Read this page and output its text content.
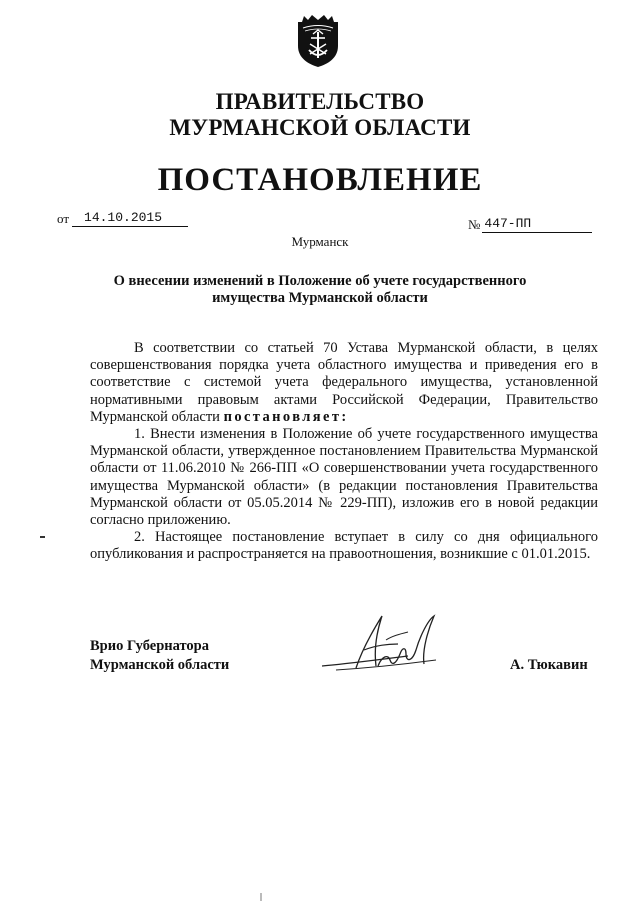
ПРАВИТЕЛЬСТВО
МУРМАНСКОЙ ОБЛАСТИ
ПОСТАНОВЛЕНИЕ
от	14.10.2015	№ 447-ПП
Мурманск
О внесении изменений в Положение об учете государственного
имущества Мурманской области

В соответствии со статьей 70 Устава Мурманской области, в целях совершенствования порядка учета областного имущества и приведения его в соответствие с системой учета федерального имущества, установленной нормативными правовым актами Российской Федерации, Правительство Мурманской области постановляет:

1. Внести изменения в Положение об учете государственного имущества Мурманской области, утвержденное постановлением Правительства Мурманской области от 11.06.2010 № 266-ПП «О совершенствовании учета государственного имущества Мурманской области» (в редакции постановления Правительства Мурманской области от 05.05.2014 № 229-ПП), изложив его в новой редакции согласно приложению.

2. Настоящее постановление вступает в силу со дня официального опубликования и распространяется на правоотношения, возникшие с 01.01.2015.

Врио Губернатора
Мурманской области	А. Тюкавин
